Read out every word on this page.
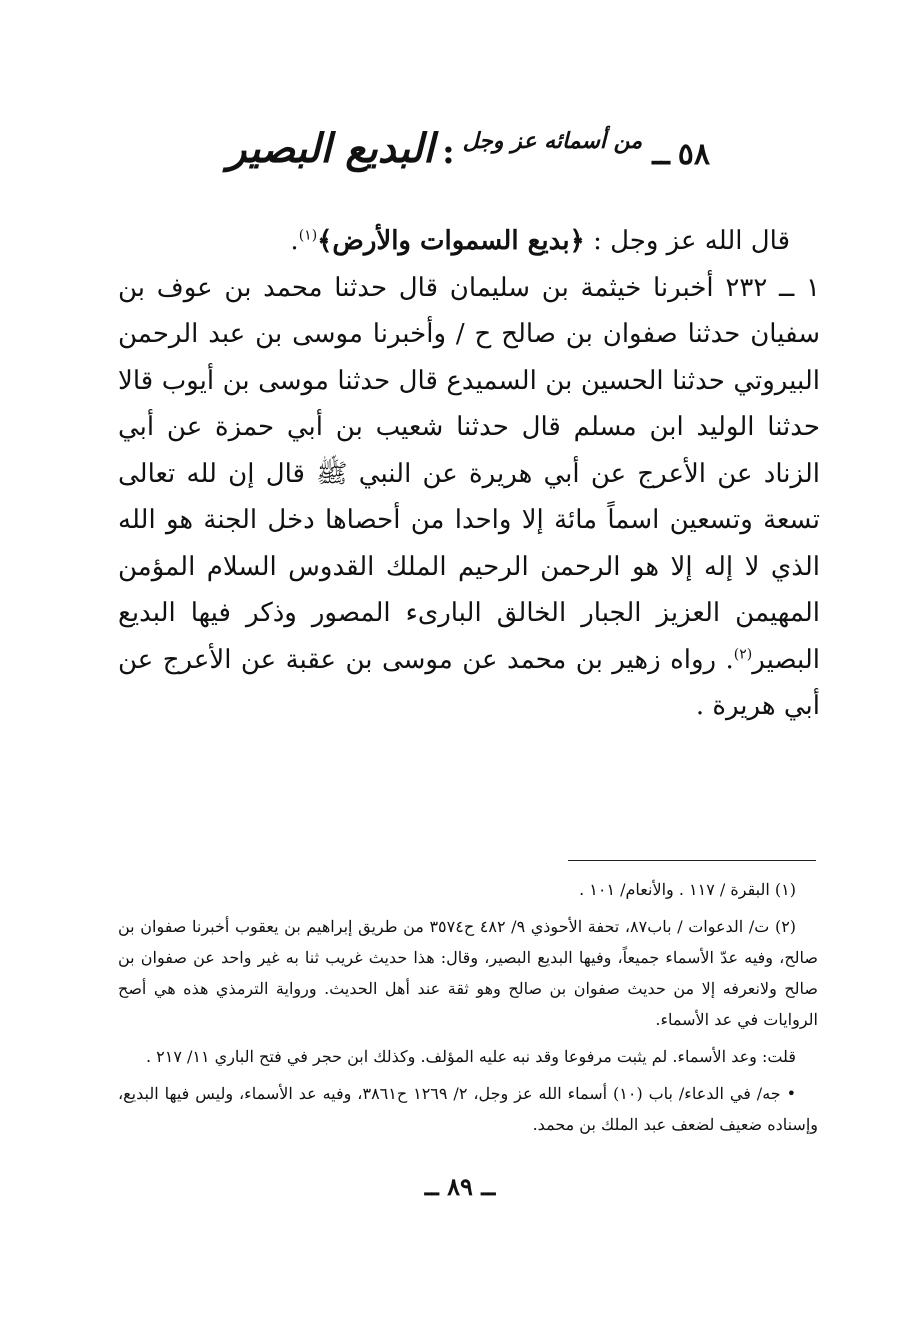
٥٨
ــ
من أسمائه عز وجل
:
البديع البصير

قال الله عز وجل : ﴿بديع السموات والأرض﴾$^{(١)}$.

١ ــ ٢٣٢ أخبرنا خيثمة بن سليمان قال حدثنا محمد بن عوف بن سفيان حدثنا صفوان بن صالح ح / وأخبرنا موسى بن عبد الرحمن البيروتي حدثنا الحسين بن السميدع قال حدثنا موسى بن أيوب قالا حدثنا الوليد ابن مسلم قال حدثنا شعيب بن أبي حمزة عن أبي الزناد عن الأعرج عن أبي هريرة عن النبي ﷺ قال إن لله تعالى تسعة وتسعين اسماً مائة إلا واحدا من أحصاها دخل الجنة هو الله الذي لا إله إلا هو الرحمن الرحيم الملك القدوس السلام المؤمن المهيمن العزيز الجبار الخالق البارىء المصور وذكر فيها البديع البصير$^{(٢)}$. رواه زهير بن محمد عن موسى بن عقبة عن الأعرج عن أبي هريرة .

(١) البقرة / ١١٧ . والأنعام/ ١٠١ .

(٢) ت/ الدعوات / باب٨٧، تحفة الأحوذي ٩/ ٤٨٢ ح٣٥٧٤ من طريق إبراهيم بن يعقوب أخبرنا صفوان بن صالح، وفيه عدّ الأسماء جميعاً، وفيها البديع البصير، وقال: هذا حديث غريب ثنا به غير واحد عن صفوان بن صالح ولانعرفه إلا من حديث صفوان بن صالح وهو ثقة عند أهل الحديث. ورواية الترمذي هذه هي أصح الروايات في عد الأسماء.

قلت: وعد الأسماء. لم يثبت مرفوعا وقد نبه عليه المؤلف. وكذلك ابن حجر في فتح الباري ١١/ ٢١٧ .

• جه/ في الدعاء/ باب (١٠) أسماء الله عز وجل، ٢/ ١٢٦٩ ح٣٨٦١، وفيه عد الأسماء، وليس فيها البديع، وإسناده ضعيف لضعف عبد الملك بن محمد.

ــ ٨٩ ــ
